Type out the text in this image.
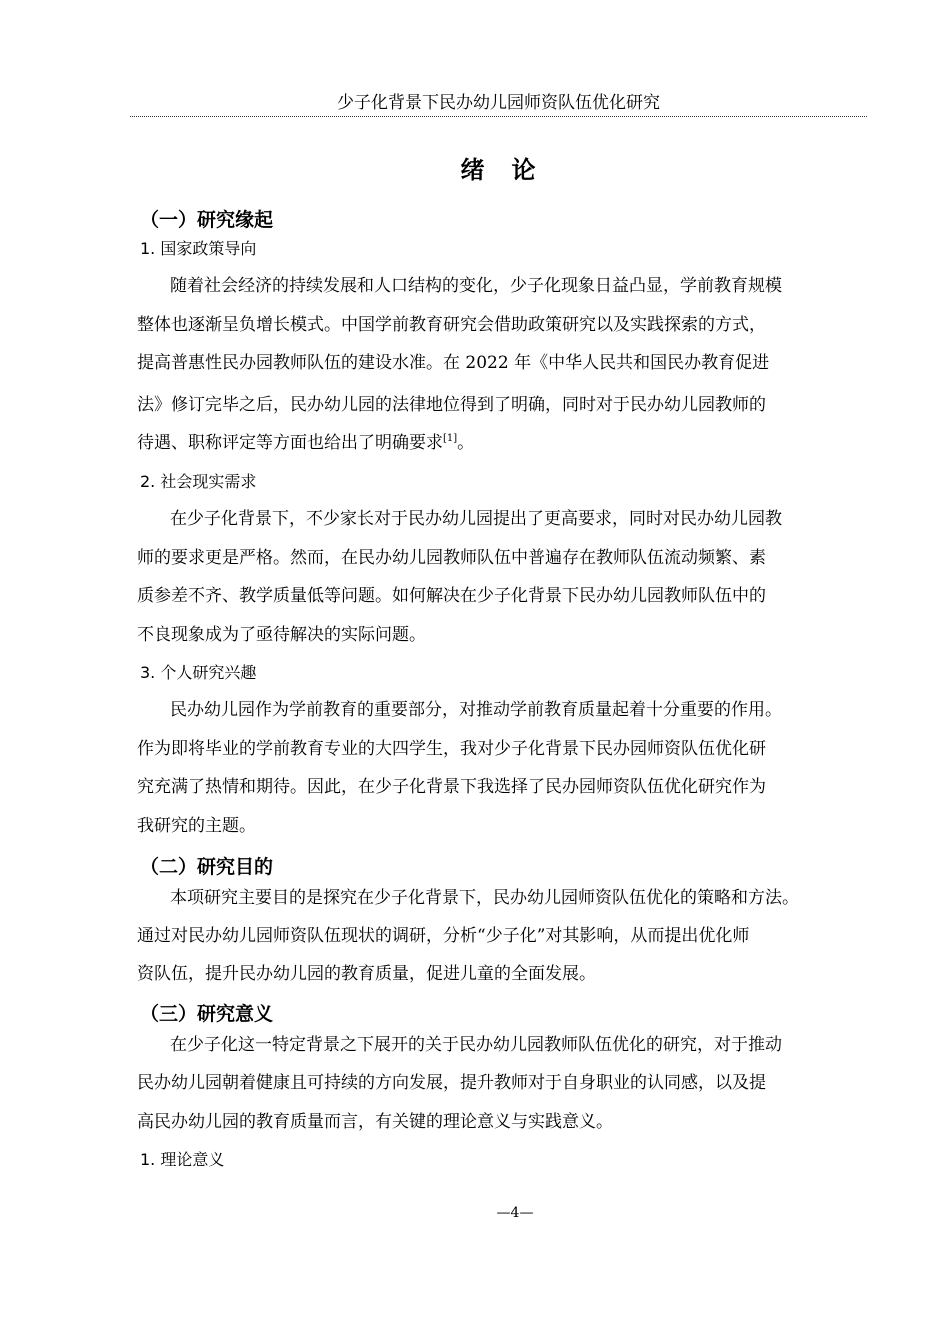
少子化背景下民办幼儿园师资队伍优化研究
绪 论
（一）研究缘起
1. 国家政策导向
随着社会经济的持续发展和人口结构的变化，少子化现象日益凸显，学前教育规模
整体也逐渐呈负增长模式。中国学前教育研究会借助政策研究以及实践探索的方式，
提高普惠性民办园教师队伍的建设水准。在 2022 年《中华人民共和国民办教育促进
法》修订完毕之后，民办幼儿园的法律地位得到了明确，同时对于民办幼儿园教师的
待遇、职称评定等方面也给出了明确要求[1]。
2. 社会现实需求
在少子化背景下，不少家长对于民办幼儿园提出了更高要求，同时对民办幼儿园教
师的要求更是严格。然而，在民办幼儿园教师队伍中普遍存在教师队伍流动频繁、素
质参差不齐、教学质量低等问题。如何解决在少子化背景下民办幼儿园教师队伍中的
不良现象成为了亟待解决的实际问题。
3. 个人研究兴趣
民办幼儿园作为学前教育的重要部分，对推动学前教育质量起着十分重要的作用。
作为即将毕业的学前教育专业的大四学生，我对少子化背景下民办园师资队伍优化研
究充满了热情和期待。因此，在少子化背景下我选择了民办园师资队伍优化研究作为
我研究的主题。
（二）研究目的
本项研究主要目的是探究在少子化背景下，民办幼儿园师资队伍优化的策略和方法。
通过对民办幼儿园师资队伍现状的调研，分析“少子化”对其影响，从而提出优化师
资队伍，提升民办幼儿园的教育质量，促进儿童的全面发展。
（三）研究意义
在少子化这一特定背景之下展开的关于民办幼儿园教师队伍优化的研究，对于推动
民办幼儿园朝着健康且可持续的方向发展，提升教师对于自身职业的认同感，以及提
高民办幼儿园的教育质量而言，有关键的理论意义与实践意义。
1. 理论意义
—4—
